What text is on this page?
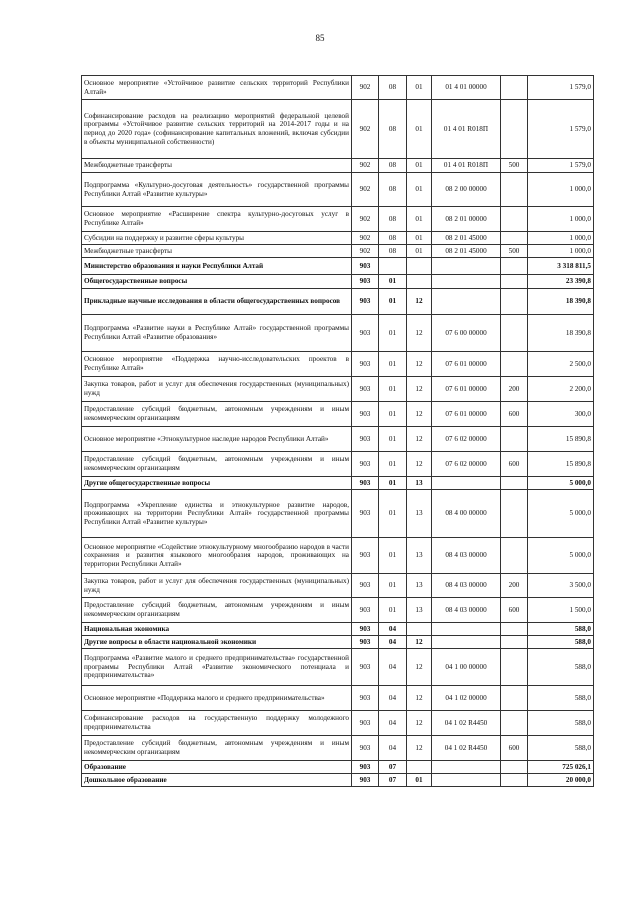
85
Основное мероприятие «Устойчивое развитие сельских территорий Республики Алтай»	902	08	01	01 4 01 00000		1 579,0
Софинансирование расходов на реализацию мероприятий федеральной целевой программы «Устойчивое развитие сельских территорий на 2014-2017 годы и на период до 2020 года» (софинансирование капитальных вложений, включая субсидии в объекты муниципальной собственности)	902	08	01	01 4 01 R018П		1 579,0
Межбюджетные трансферты	902	08	01	01 4 01 R018П	500	1 579,0
Подпрограмма «Культурно-досуговая деятельность» государственной программы Республики Алтай «Развитие культуры»	902	08	01	08 2 00 00000		1 000,0
Основное мероприятие «Расширение спектра культурно-досуговых услуг в Республике Алтай»	902	08	01	08 2 01 00000		1 000,0
Субсидии на поддержку и развитие сферы культуры	902	08	01	08 2 01 45000		1 000,0
Межбюджетные трансферты	902	08	01	08 2 01 45000	500	1 000,0
Министерство образования и науки Республики Алтай	903					3 318 811,5
Общегосударственные вопросы	903	01				23 390,8
Прикладные научные исследования в области общегосударственных вопросов	903	01	12			18 390,8
Подпрограмма «Развитие науки в Республике Алтай» государственной программы Республики Алтай «Развитие образования»	903	01	12	07 6 00 00000		18 390,8
Основное мероприятие «Поддержка научно-исследовательских проектов в Республике Алтай»	903	01	12	07 6 01 00000		2 500,0
Закупка товаров, работ и услуг для обеспечения государственных (муниципальных) нужд	903	01	12	07 6 01 00000	200	2 200,0
Предоставление субсидий бюджетным, автономным учреждениям и иным некоммерческим организациям	903	01	12	07 6 01 00000	600	300,0
Основное мероприятие «Этнокультурное наследие народов Республики Алтай»	903	01	12	07 6 02 00000		15 890,8
Предоставление субсидий бюджетным, автономным учреждениям и иным некоммерческим организациям	903	01	12	07 6 02 00000	600	15 890,8
Другие общегосударственные вопросы	903	01	13			5 000,0
Подпрограмма «Укрепление единства и этнокультурное развитие народов, проживающих на территории Республики Алтай» государственной программы Республики Алтай «Развитие культуры»	903	01	13	08 4 00 00000		5 000,0
Основное мероприятие «Содействие этнокультурному многообразию народов в части сохранения и развития языкового многообразия народов, проживающих на территории Республики Алтай»	903	01	13	08 4 03 00000		5 000,0
Закупка товаров, работ и услуг для обеспечения государственных (муниципальных) нужд	903	01	13	08 4 03 00000	200	3 500,0
Предоставление субсидий бюджетным, автономным учреждениям и иным некоммерческим организациям	903	01	13	08 4 03 00000	600	1 500,0
Национальная экономика	903	04				588,0
Другие вопросы в области национальной экономики	903	04	12			588,0
Подпрограмма «Развитие малого и среднего предпринимательства» государственной программы Республики Алтай «Развитие экономического потенциала и предпринимательства»	903	04	12	04 1 00 00000		588,0
Основное мероприятие «Поддержка малого и среднего предпринимательства»	903	04	12	04 1 02 00000		588,0
Софинансирование расходов на государственную поддержку молодежного предпринимательства	903	04	12	04 1 02 R4450		588,0
Предоставление субсидий бюджетным, автономным учреждениям и иным некоммерческим организациям	903	04	12	04 1 02 R4450	600	588,0
Образование	903	07				725 026,1
Дошкольное образование	903	07	01			20 000,0
